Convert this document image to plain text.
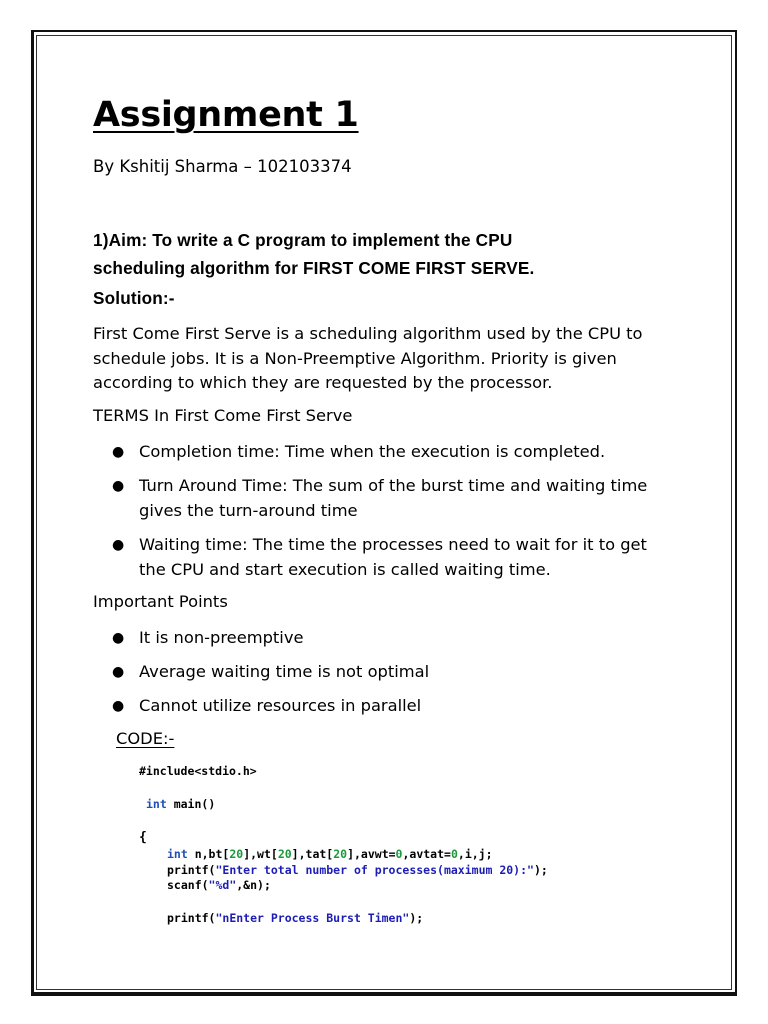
Assignment 1
By Kshitij Sharma – 102103374
1)Aim: To write a C program to implement the CPU
scheduling algorithm for FIRST COME FIRST SERVE.
Solution:-
First Come First Serve is a scheduling algorithm used by the CPU to schedule jobs. It is a Non-Preemptive Algorithm. Priority is given according to which they are requested by the processor.
TERMS In First Come First Serve
● Completion time: Time when the execution is completed.
● Turn Around Time: The sum of the burst time and waiting time gives the turn-around time
● Waiting time: The time the processes need to wait for it to get the CPU and start execution is called waiting time.
Important Points
● It is non-preemptive
● Average waiting time is not optimal
● Cannot utilize resources in parallel
CODE:-
#include<stdio.h>
int main()
{
int n,bt[20],wt[20],tat[20],avwt=0,avtat=0,i,j;
printf("Enter total number of processes(maximum 20):");
scanf("%d",&n);
printf("nEnter Process Burst Timen");
